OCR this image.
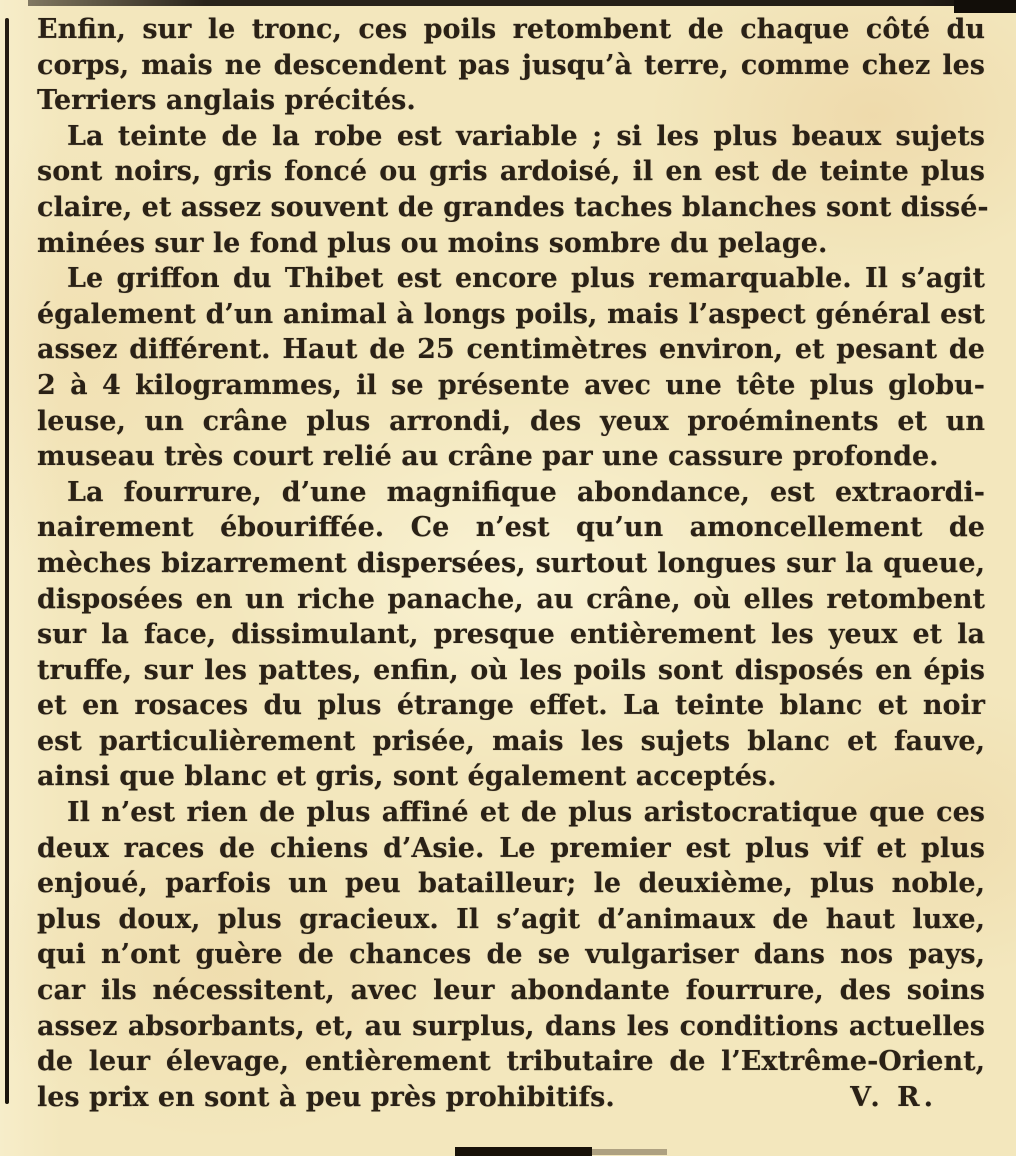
Enfin, sur le tronc, ces poils retombent de chaque côté du
corps, mais ne descendent pas jusqu’à terre, comme chez les
Terriers anglais précités.
La teinte de la robe est variable ; si les plus beaux sujets
sont noirs, gris foncé ou gris ardoisé, il en est de teinte plus
claire, et assez souvent de grandes taches blanches sont dissé-
minées sur le fond plus ou moins sombre du pelage.
Le griffon du Thibet est encore plus remarquable. Il s’agit
également d’un animal à longs poils, mais l’aspect général est
assez différent. Haut de 25 centimètres environ, et pesant de
2 à 4 kilogrammes, il se présente avec une tête plus globu-
leuse, un crâne plus arrondi, des yeux proéminents et un
museau très court relié au crâne par une cassure profonde.
La fourrure, d’une magnifique abondance, est extraordi-
nairement ébouriffée. Ce n’est qu’un amoncellement de
mèches bizarrement dispersées, surtout longues sur la queue,
disposées en un riche panache, au crâne, où elles retombent
sur la face, dissimulant, presque entièrement les yeux et la
truffe, sur les pattes, enfin, où les poils sont disposés en épis
et en rosaces du plus étrange effet. La teinte blanc et noir
est particulièrement prisée, mais les sujets blanc et fauve,
ainsi que blanc et gris, sont également acceptés.
Il n’est rien de plus affiné et de plus aristocratique que ces
deux races de chiens d’Asie. Le premier est plus vif et plus
enjoué, parfois un peu batailleur; le deuxième, plus noble,
plus doux, plus gracieux. Il s’agit d’animaux de haut luxe,
qui n’ont guère de chances de se vulgariser dans nos pays,
car ils nécessitent, avec leur abondante fourrure, des soins
assez absorbants, et, au surplus, dans les conditions actuelles
de leur élevage, entièrement tributaire de l’Extrême-Orient,
les prix en sont à peu près prohibitifs.	V. R.
